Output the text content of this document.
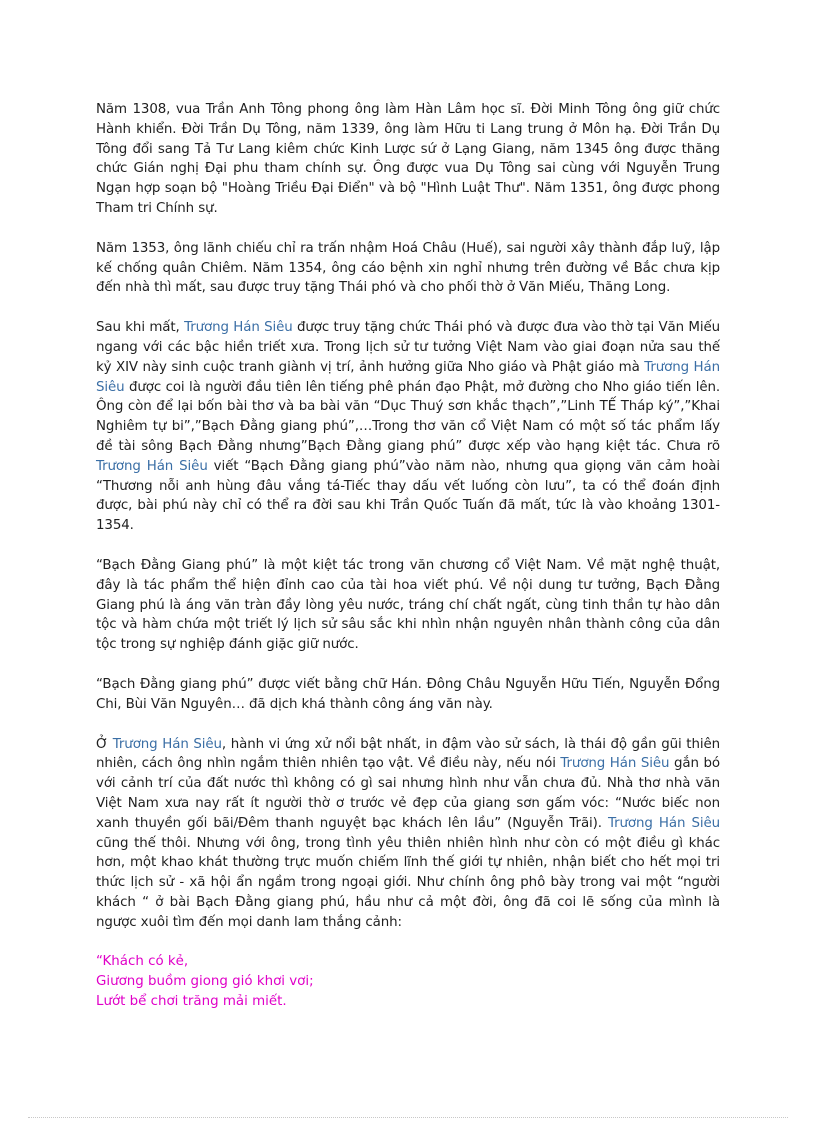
Năm 1308, vua Trần Anh Tông phong ông làm Hàn Lâm học sĩ. Đời Minh Tông ông giữ chức Hành khiển. Đời Trần Dụ Tông, năm 1339, ông làm Hữu ti Lang trung ở Môn hạ. Đời Trần Dụ Tông đổi sang Tả Tư Lang kiêm chức Kinh Lược sứ ở Lạng Giang, năm 1345 ông được thăng chức Gián nghị Đại phu tham chính sự. Ông được vua Dụ Tông sai cùng với Nguyễn Trung Ngạn hợp soạn bộ "Hoàng Triều Đại Điển" và bộ "Hình Luật Thư". Năm 1351, ông được phong Tham tri Chính sự.

Năm 1353, ông lãnh chiếu chỉ ra trấn nhậm Hoá Châu (Huế), sai người xây thành đắp luỹ, lập kế chống quân Chiêm. Năm 1354, ông cáo bệnh xin nghỉ nhưng trên đường về Bắc chưa kịp đến nhà thì mất, sau được truy tặng Thái phó và cho phối thờ ở Văn Miếu, Thăng Long.

Sau khi mất, Trương Hán Siêu được truy tặng chức Thái phó và được đưa vào thờ tại Văn Miếu ngang với các bậc hiền triết xưa. Trong lịch sử tư tưởng Việt Nam vào giai đoạn nửa sau thế kỷ XIV này sinh cuộc tranh giành vị trí, ảnh hưởng giữa Nho giáo và Phật giáo mà Trương Hán Siêu được coi là người đầu tiên lên tiếng phê phán đạo Phật, mở đường cho Nho giáo tiến lên. Ông còn để lại bốn bài thơ và ba bài văn “Dục Thuý sơn khắc thạch”,”Linh TẾ Tháp ký”,”Khai Nghiêm tự bi”,”Bạch Đằng giang phú”,…Trong thơ văn cổ Việt Nam có một số tác phẩm lấy đề tài sông Bạch Đằng nhưng”Bạch Đằng giang phú” được xếp vào hạng kiệt tác. Chưa rõ Trương Hán Siêu viết “Bạch Đằng giang phú”vào năm nào, nhưng qua giọng văn cảm hoài “Thương nỗi anh hùng đâu vắng tá-Tiếc thay dấu vết luống còn lưu”, ta có thể đoán định được, bài phú này chỉ có thể ra đời sau khi Trần Quốc Tuấn đã mất, tức là vào khoảng 1301-1354.

“Bạch Đằng Giang phú” là một kiệt tác trong văn chương cổ Việt Nam. Về mặt nghệ thuật, đây là tác phẩm thể hiện đỉnh cao của tài hoa viết phú. Về nội dung tư tưởng, Bạch Đằng Giang phú là áng văn tràn đầy lòng yêu nước, tráng chí chất ngất, cùng tinh thần tự hào dân tộc và hàm chứa một triết lý lịch sử sâu sắc khi nhìn nhận nguyên nhân thành công của dân tộc trong sự nghiệp đánh giặc giữ nước.

“Bạch Đằng giang phú” được viết bằng chữ Hán. Đông Châu Nguyễn Hữu Tiến, Nguyễn Đổng Chi, Bùi Văn Nguyên… đã dịch khá thành công áng văn này.

Ở Trương Hán Siêu, hành vi ứng xử nổi bật nhất, in đậm vào sử sách, là thái độ gần gũi thiên nhiên, cách ông nhìn ngắm thiên nhiên tạo vật. Về điều này, nếu nói Trương Hán Siêu gắn bó với cảnh trí của đất nước thì không có gì sai nhưng hình như vẫn chưa đủ. Nhà thơ nhà văn Việt Nam xưa nay rất ít người thờ ơ trước vẻ đẹp của giang sơn gấm vóc: “Nước biếc non xanh thuyền gối bãi/Đêm thanh nguyệt bạc khách lên lầu” (Nguyễn Trãi). Trương Hán Siêu cũng thế thôi. Nhưng với ông, trong tình yêu thiên nhiên hình như còn có một điều gì khác hơn, một khao khát thường trực muốn chiếm lĩnh thế giới tự nhiên, nhận biết cho hết mọi tri thức lịch sử - xã hội ẩn ngầm trong ngoại giới. Như chính ông phô bày trong vai một “người khách “ ở bài Bạch Đằng giang phú, hầu như cả một đời, ông đã coi lẽ sống của mình là ngược xuôi tìm đến mọi danh lam thắng cảnh:

“Khách có kẻ,
Giương buồm giong gió khơi vơi;
Lướt bể chơi trăng mải miết.
